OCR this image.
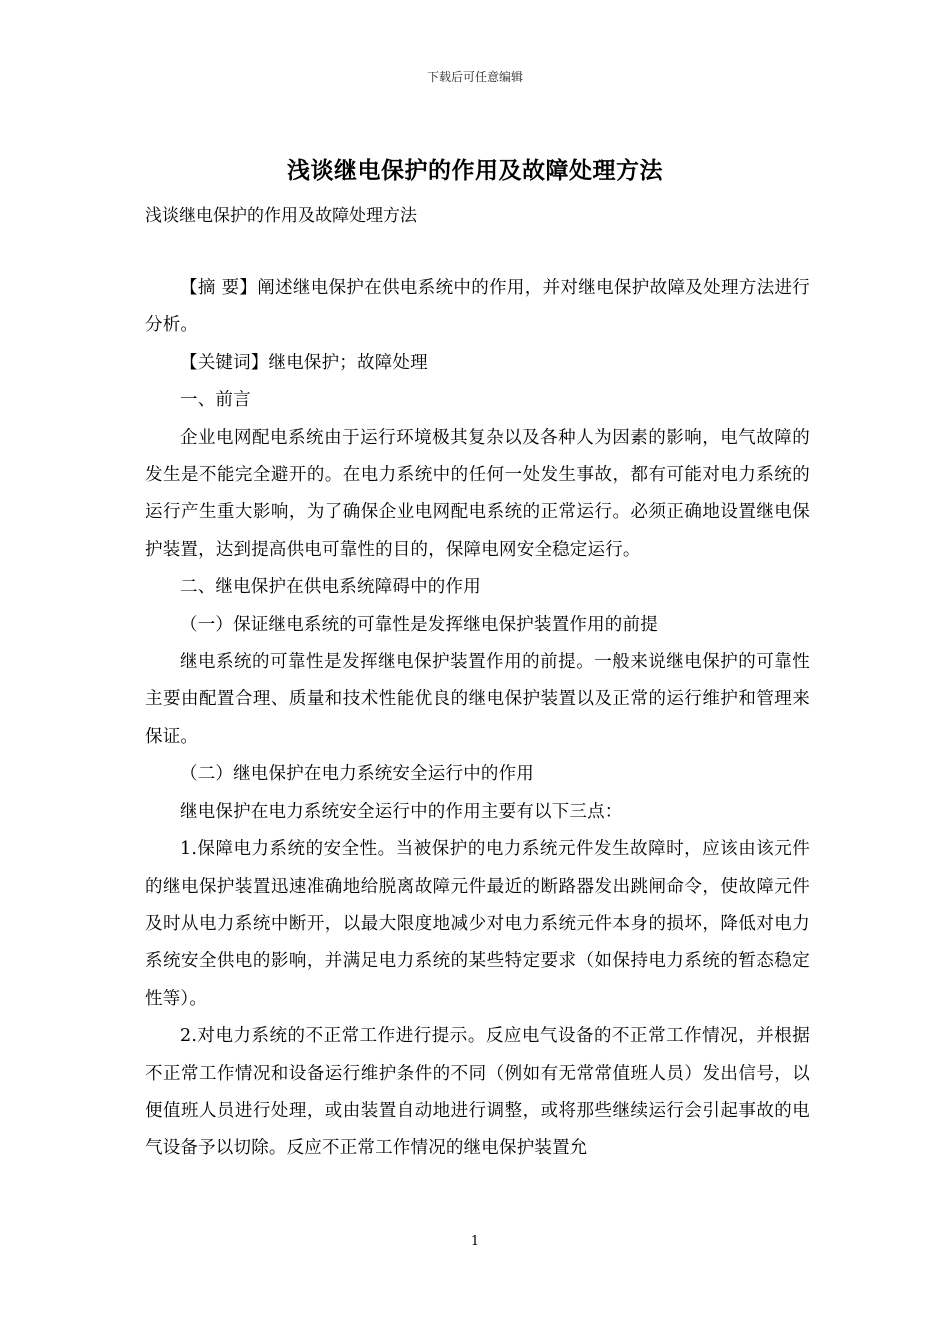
下载后可任意编辑
浅谈继电保护的作用及故障处理方法

浅谈继电保护的作用及故障处理方法

【摘 要】阐述继电保护在供电系统中的作用，并对继电保护故障及处理方法进行分析。

【关键词】继电保护；故障处理

一、前言

企业电网配电系统由于运行环境极其复杂以及各种人为因素的影响，电气故障的发生是不能完全避开的。在电力系统中的任何一处发生事故，都有可能对电力系统的运行产生重大影响，为了确保企业电网配电系统的正常运行。必须正确地设置继电保护装置，达到提高供电可靠性的目的，保障电网安全稳定运行。

二、继电保护在供电系统障碍中的作用

（一）保证继电系统的可靠性是发挥继电保护装置作用的前提

继电系统的可靠性是发挥继电保护装置作用的前提。一般来说继电保护的可靠性主要由配置合理、质量和技术性能优良的继电保护装置以及正常的运行维护和管理来保证。

（二）继电保护在电力系统安全运行中的作用

继电保护在电力系统安全运行中的作用主要有以下三点：

1.保障电力系统的安全性。当被保护的电力系统元件发生故障时，应该由该元件的继电保护装置迅速准确地给脱离故障元件最近的断路器发出跳闸命令，使故障元件及时从电力系统中断开，以最大限度地减少对电力系统元件本身的损坏，降低对电力系统安全供电的影响，并满足电力系统的某些特定要求（如保持电力系统的暂态稳定性等）。

2.对电力系统的不正常工作进行提示。反应电气设备的不正常工作情况，并根据不正常工作情况和设备运行维护条件的不同（例如有无常常值班人员）发出信号，以便值班人员进行处理，或由装置自动地进行调整，或将那些继续运行会引起事故的电气设备予以切除。反应不正常工作情况的继电保护装置允

1
